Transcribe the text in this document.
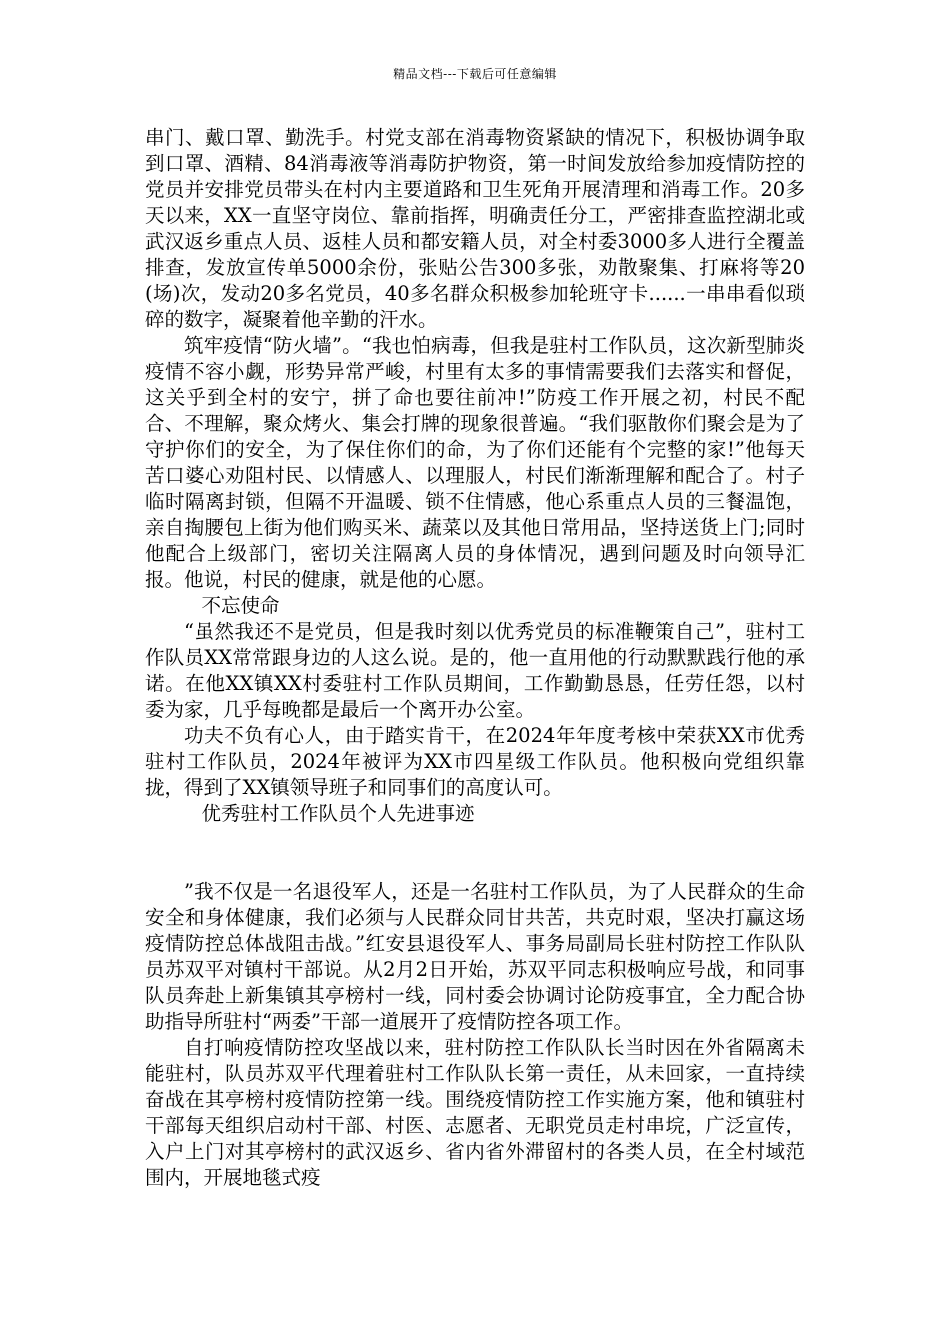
精品文档---下载后可任意编辑

串门、戴口罩、勤洗手。村党支部在消毒物资紧缺的情况下，积极协调争取到口罩、酒精、84消毒液等消毒防护物资，第一时间发放给参加疫情防控的党员并安排党员带头在村内主要道路和卫生死角开展清理和消毒工作。20多天以来，XX一直坚守岗位、靠前指挥，明确责任分工，严密排查监控湖北或武汉返乡重点人员、返桂人员和都安籍人员，对全村委3000多人进行全覆盖排查，发放宣传单5000余份，张贴公告300多张，劝散聚集、打麻将等20(场)次，发动20多名党员，40多名群众积极参加轮班守卡......一串串看似琐碎的数字，凝聚着他辛勤的汗水。

筑牢疫情“防火墙”。“我也怕病毒，但我是驻村工作队员，这次新型肺炎疫情不容小觑，形势异常严峻，村里有太多的事情需要我们去落实和督促，这关乎到全村的安宁，拼了命也要往前冲!”防疫工作开展之初，村民不配合、不理解，聚众烤火、集会打牌的现象很普遍。“我们驱散你们聚会是为了守护你们的安全，为了保住你们的命，为了你们还能有个完整的家!”他每天苦口婆心劝阻村民、以情感人、以理服人，村民们渐渐理解和配合了。村子临时隔离封锁，但隔不开温暖、锁不住情感，他心系重点人员的三餐温饱，亲自掏腰包上街为他们购买米、蔬菜以及其他日常用品，坚持送货上门;同时他配合上级部门，密切关注隔离人员的身体情况，遇到问题及时向领导汇报。他说，村民的健康，就是他的心愿。

不忘使命

“虽然我还不是党员，但是我时刻以优秀党员的标准鞭策自己”，驻村工作队员XX常常跟身边的人这么说。是的，他一直用他的行动默默践行他的承诺。在他XX镇XX村委驻村工作队员期间，工作勤勤恳恳，任劳任怨，以村委为家，几乎每晚都是最后一个离开办公室。

功夫不负有心人，由于踏实肯干，在2024年年度考核中荣获XX市优秀驻村工作队员，2024年被评为XX市四星级工作队员。他积极向党组织靠拢，得到了XX镇领导班子和同事们的高度认可。

优秀驻村工作队员个人先进事迹

”我不仅是一名退役军人，还是一名驻村工作队员，为了人民群众的生命安全和身体健康，我们必须与人民群众同甘共苦，共克时艰，坚决打赢这场疫情防控总体战阻击战。”红安县退役军人、事务局副局长驻村防控工作队队员苏双平对镇村干部说。从2月2日开始，苏双平同志积极响应号战，和同事队员奔赴上新集镇其亭榜村一线，同村委会协调讨论防疫事宜，全力配合协助指导所驻村“两委”干部一道展开了疫情防控各项工作。

自打响疫情防控攻坚战以来，驻村防控工作队队长当时因在外省隔离未能驻村，队员苏双平代理着驻村工作队队长第一责任，从未回家，一直持续奋战在其亭榜村疫情防控第一线。围绕疫情防控工作实施方案，他和镇驻村干部每天组织启动村干部、村医、志愿者、无职党员走村串垸，广泛宣传，入户上门对其亭榜村的武汉返乡、省内省外滞留村的各类人员，在全村域范围内，开展地毯式疫
